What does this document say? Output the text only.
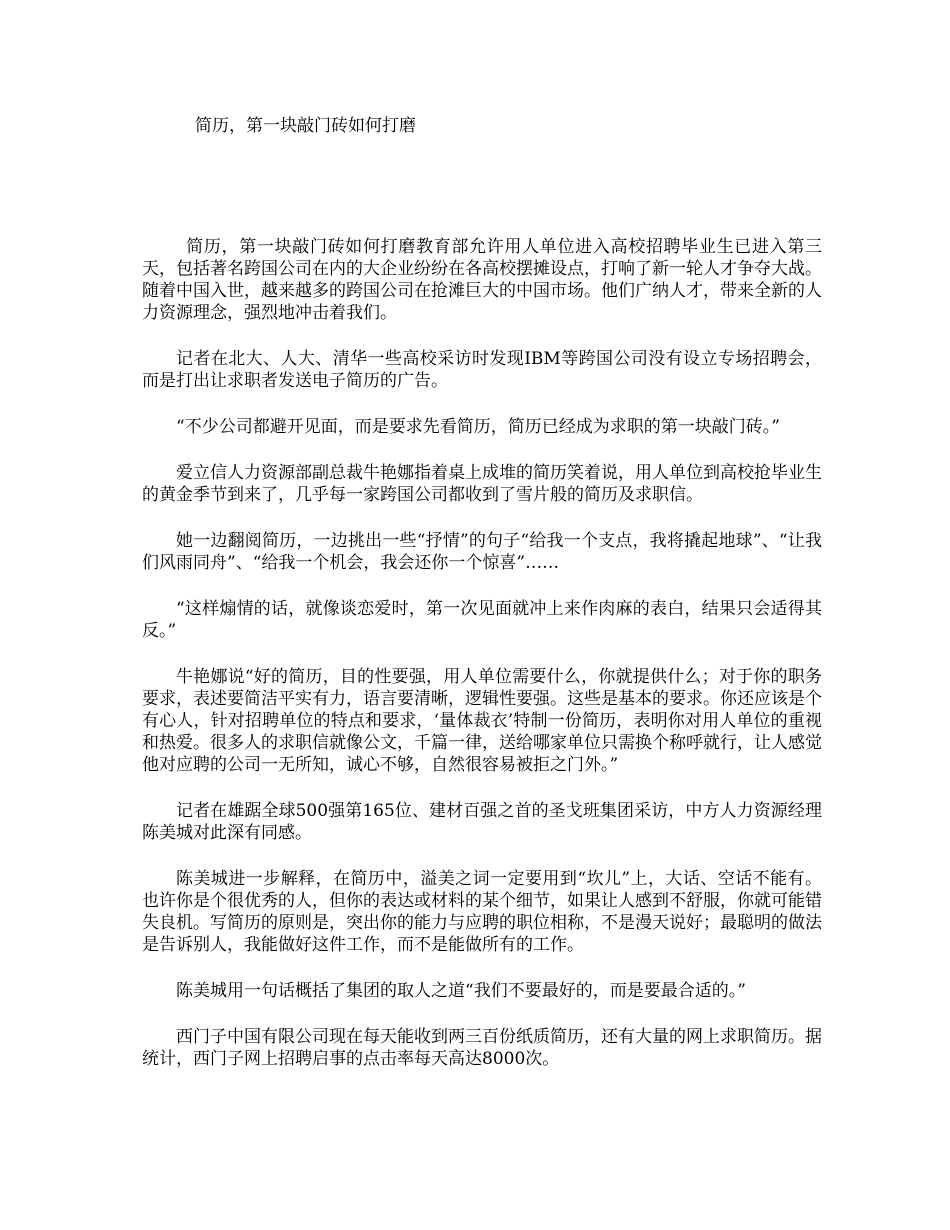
简历，第一块敲门砖如何打磨

简历，第一块敲门砖如何打磨教育部允许用人单位进入高校招聘毕业生已进入第三天，包括著名跨国公司在内的大企业纷纷在各高校摆摊设点，打响了新一轮人才争夺大战。随着中国入世，越来越多的跨国公司在抢滩巨大的中国市场。他们广纳人才，带来全新的人力资源理念，强烈地冲击着我们。

记者在北大、人大、清华一些高校采访时发现IBM等跨国公司没有设立专场招聘会，而是打出让求职者发送电子简历的广告。

“不少公司都避开见面，而是要求先看简历，简历已经成为求职的第一块敲门砖。”

爱立信人力资源部副总裁牛艳娜指着桌上成堆的简历笑着说，用人单位到高校抢毕业生的黄金季节到来了，几乎每一家跨国公司都收到了雪片般的简历及求职信。

她一边翻阅简历，一边挑出一些“抒情”的句子“给我一个支点，我将撬起地球”、“让我们风雨同舟”、“给我一个机会，我会还你一个惊喜”……

“这样煽情的话，就像谈恋爱时，第一次见面就冲上来作肉麻的表白，结果只会适得其反。”

牛艳娜说“好的简历，目的性要强，用人单位需要什么，你就提供什么；对于你的职务要求，表述要简洁平实有力，语言要清晰，逻辑性要强。这些是基本的要求。你还应该是个有心人，针对招聘单位的特点和要求，‘量体裁衣’特制一份简历，表明你对用人单位的重视和热爱。很多人的求职信就像公文，千篇一律，送给哪家单位只需换个称呼就行，让人感觉他对应聘的公司一无所知，诚心不够，自然很容易被拒之门外。”

记者在雄踞全球500强第165位、建材百强之首的圣戈班集团采访，中方人力资源经理陈美城对此深有同感。

陈美城进一步解释，在简历中，溢美之词一定要用到“坎儿”上，大话、空话不能有。也许你是个很优秀的人，但你的表达或材料的某个细节，如果让人感到不舒服，你就可能错失良机。写简历的原则是，突出你的能力与应聘的职位相称，不是漫天说好；最聪明的做法是告诉别人，我能做好这件工作，而不是能做所有的工作。

陈美城用一句话概括了集团的取人之道“我们不要最好的，而是要最合适的。”

西门子中国有限公司现在每天能收到两三百份纸质简历，还有大量的网上求职简历。据统计，西门子网上招聘启事的点击率每天高达8000次。
